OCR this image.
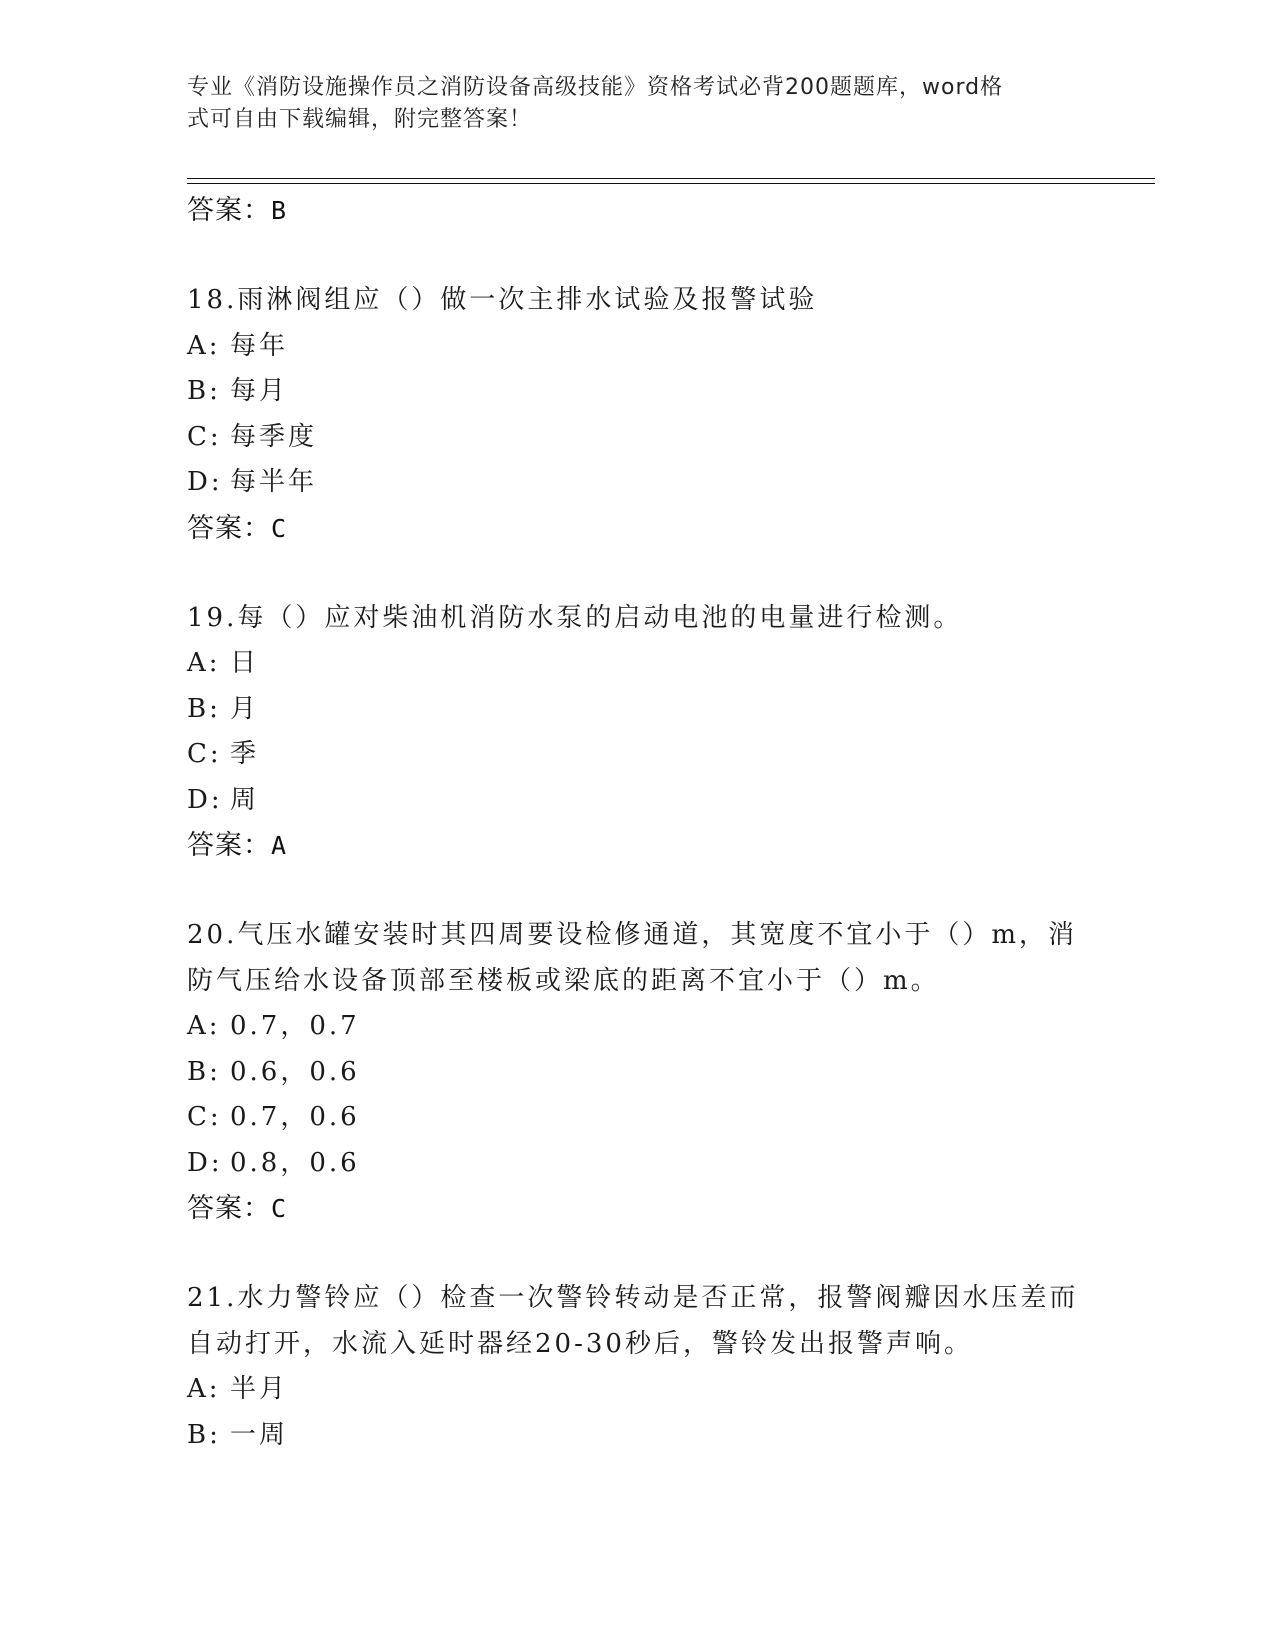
专业《消防设施操作员之消防设备高级技能》资格考试必背200题题库，word格
式可自由下载编辑，附完整答案！
答案：B
18.雨淋阀组应（）做一次主排水试验及报警试验
A: 每年
B: 每月
C: 每季度
D: 每半年
答案：C
19.每（）应对柴油机消防水泵的启动电池的电量进行检测。
A: 日
B: 月
C: 季
D: 周
答案：A
20.气压水罐安装时其四周要设检修通道，其宽度不宜小于（）m，消
防气压给水设备顶部至楼板或梁底的距离不宜小于（）m。
A: 0.7，0.7
B: 0.6，0.6
C: 0.7，0.6
D: 0.8，0.6
答案：C
21.水力警铃应（）检查一次警铃转动是否正常，报警阀瓣因水压差而
自动打开，水流入延时器经20-30秒后，警铃发出报警声响。
A: 半月
B: 一周
